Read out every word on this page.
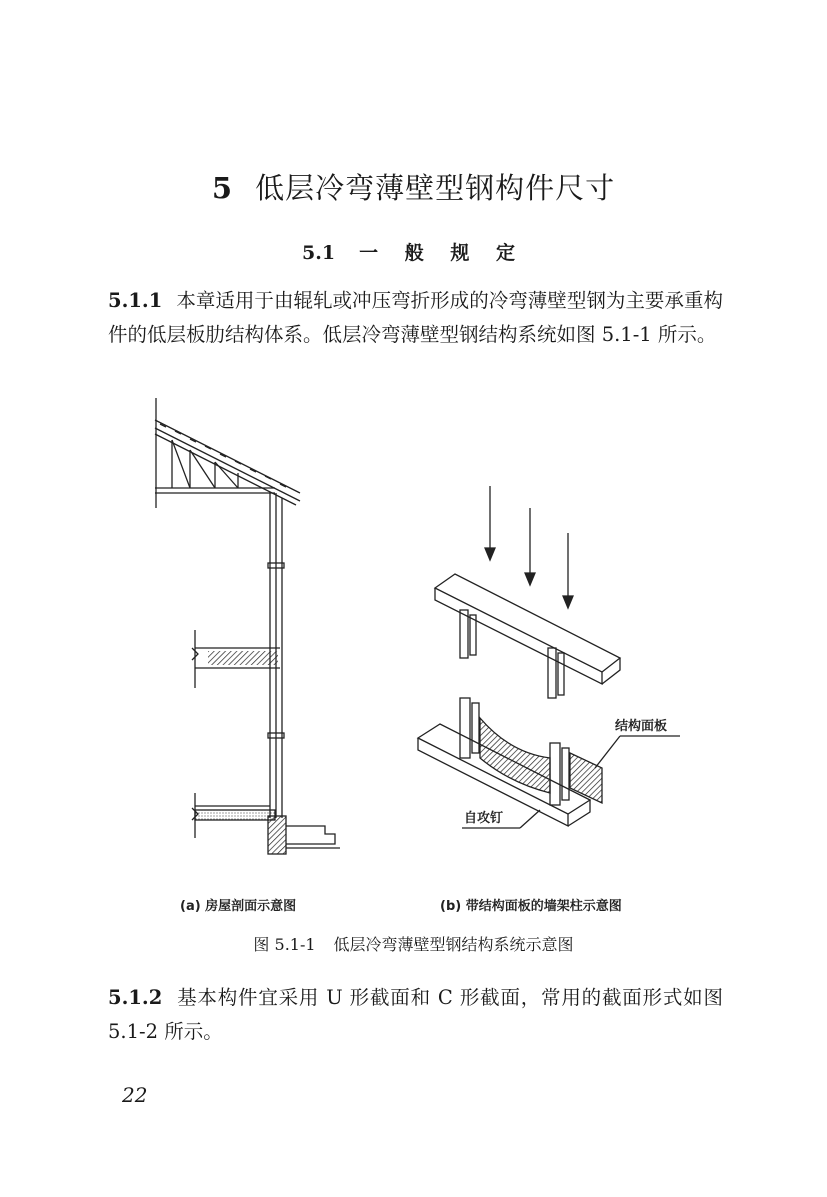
5 低层冷弯薄壁型钢构件尺寸
5.1 一 般 规 定
5.1.1 本章适用于由辊轧或冲压弯折形成的冷弯薄壁型钢为主要承重构件的低层板肋结构体系。低层冷弯薄壁型钢结构系统如图 5.1-1 所示。
结构面板
自攻钉
(a) 房屋剖面示意图	(b) 带结构面板的墙架柱示意图
图 5.1-1 低层冷弯薄壁型钢结构系统示意图
5.1.2 基本构件宜采用 U 形截面和 C 形截面，常用的截面形式如图 5.1-2 所示。
22
